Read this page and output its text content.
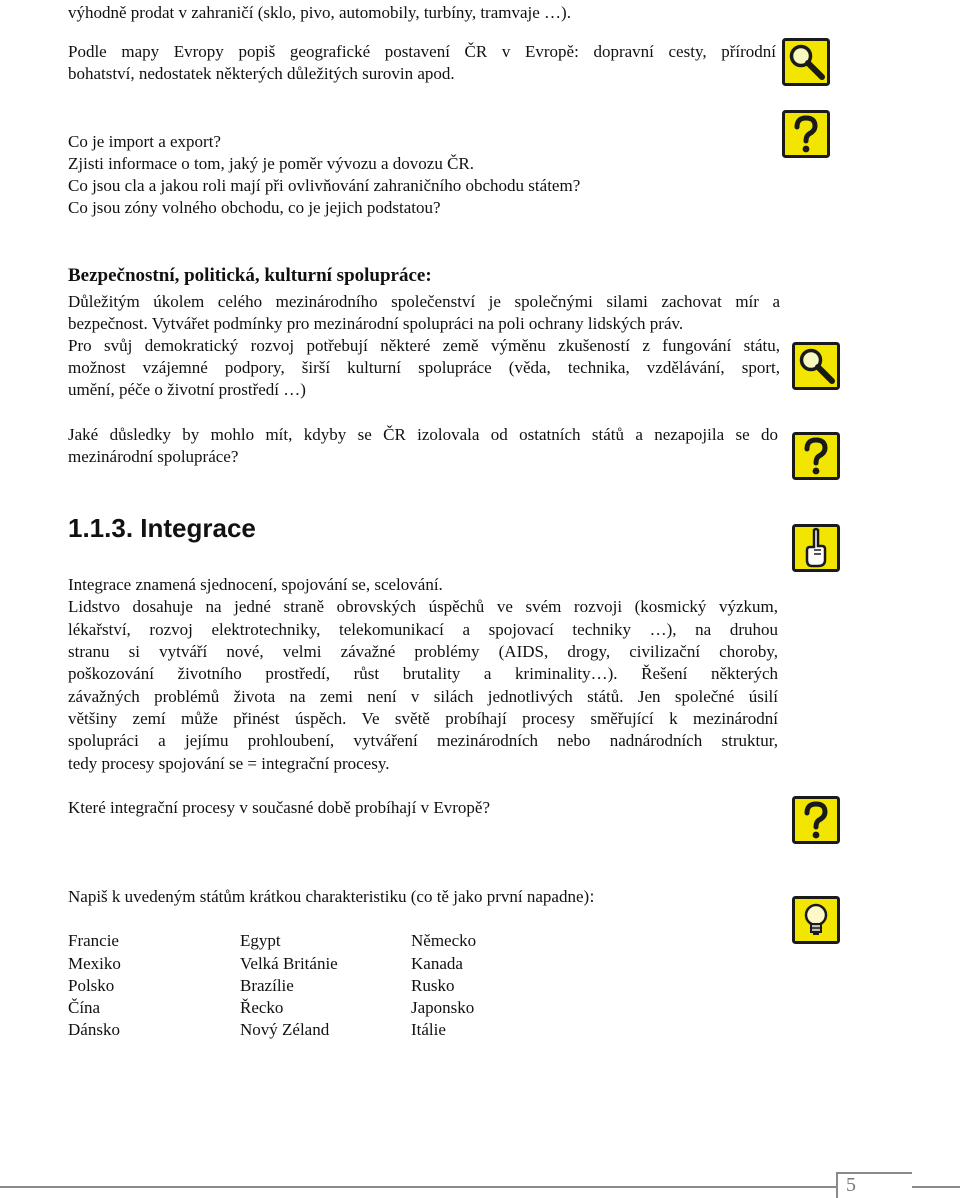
výhodně prodat v zahraničí (sklo, pivo, automobily, turbíny, tramvaje …).

Podle mapy Evropy popiš geografické postavení ČR v Evropě: dopravní cesty, přírodní

bohatství, nedostatek některých důležitých surovin apod.

Co je import a export?

Zjisti informace o tom, jaký je poměr vývozu a dovozu ČR.

Co jsou cla a jakou roli mají při ovlivňování zahraničního obchodu státem?

Co jsou zóny volného obchodu, co je jejich podstatou?

Bezpečnostní, politická, kulturní spolupráce:

Důležitým úkolem celého mezinárodního společenství je společnými silami zachovat mír a

bezpečnost. Vytvářet podmínky pro mezinárodní spolupráci na poli ochrany lidských práv.

Pro svůj demokratický rozvoj potřebují některé země výměnu zkušeností z fungování státu,

možnost vzájemné podpory, širší kulturní spolupráce (věda, technika, vzdělávání, sport,

umění, péče o životní prostředí …)

Jaké důsledky by mohlo mít, kdyby se ČR izolovala od ostatních států a nezapojila se do

mezinárodní spolupráce?

1.1.3. Integrace

Integrace znamená sjednocení, spojování se, scelování.

Lidstvo dosahuje na jedné straně obrovských úspěchů ve svém rozvoji (kosmický výzkum,

lékařství, rozvoj elektrotechniky, telekomunikací a spojovací techniky …), na druhou

stranu si vytváří nové, velmi závažné problémy (AIDS, drogy, civilizační choroby,

poškozování životního prostředí, růst brutality a kriminality…). Řešení některých

závažných problémů života na zemi není v silách jednotlivých států. Jen společné úsilí

většiny zemí může přinést úspěch. Ve světě probíhají procesy směřující k mezinárodní

spolupráci a jejímu prohloubení, vytváření mezinárodních nebo nadnárodních struktur,

tedy procesy spojování se = integrační procesy.

Které integrační procesy v současné době probíhají v Evropě?

Napiš k uvedeným státům krátkou charakteristiku (co tě jako první napadne):

Francie

Mexiko

Polsko

Čína

Dánsko

Egypt

Velká Británie

Brazílie

Řecko

Nový Zéland

Německo

Kanada

Rusko

Japonsko

Itálie

5
